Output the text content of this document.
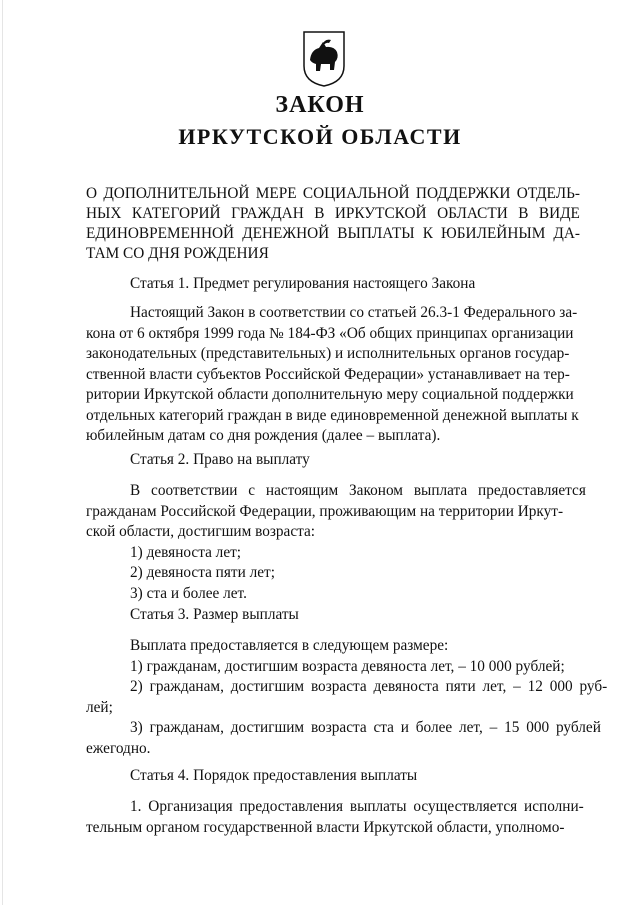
ЗАКОН
ИРКУТСКОЙ ОБЛАСТИ
О ДОПОЛНИТЕЛЬНОЙ МЕРЕ СОЦИАЛЬНОЙ ПОДДЕРЖКИ ОТДЕЛЬ-
НЫХ КАТЕГОРИЙ ГРАЖДАН В ИРКУТСКОЙ ОБЛАСТИ В ВИДЕ
ЕДИНОВРЕМЕННОЙ ДЕНЕЖНОЙ ВЫПЛАТЫ К ЮБИЛЕЙНЫМ ДА-
ТАМ СО ДНЯ РОЖДЕНИЯ
Статья 1. Предмет регулирования настоящего Закона
Настоящий Закон в соответствии со статьей 26.3-1 Федерального за-
кона от 6 октября 1999 года № 184-ФЗ «Об общих принципах организации
законодательных (представительных) и исполнительных органов государ-
ственной власти субъектов Российской Федерации» устанавливает на тер-
ритории Иркутской области дополнительную меру социальной поддержки
отдельных категорий граждан в виде единовременной денежной выплаты к
юбилейным датам со дня рождения (далее – выплата).
Статья 2. Право на выплату
В соответствии с настоящим Законом выплата предоставляется
гражданам Российской Федерации, проживающим на территории Иркут-
ской области, достигшим возраста:
1) девяноста лет;
2) девяноста пяти лет;
3) ста и более лет.
Статья 3. Размер выплаты
Выплата предоставляется в следующем размере:
1) гражданам, достигшим возраста девяноста лет, – 10 000 рублей;
2) гражданам, достигшим возраста девяноста пяти лет, – 12 000 руб-
лей;
3) гражданам, достигшим возраста ста и более лет, – 15 000 рублей
ежегодно.
Статья 4. Порядок предоставления выплаты
1. Организация предоставления выплаты осуществляется исполни-
тельным органом государственной власти Иркутской области, уполномо-
